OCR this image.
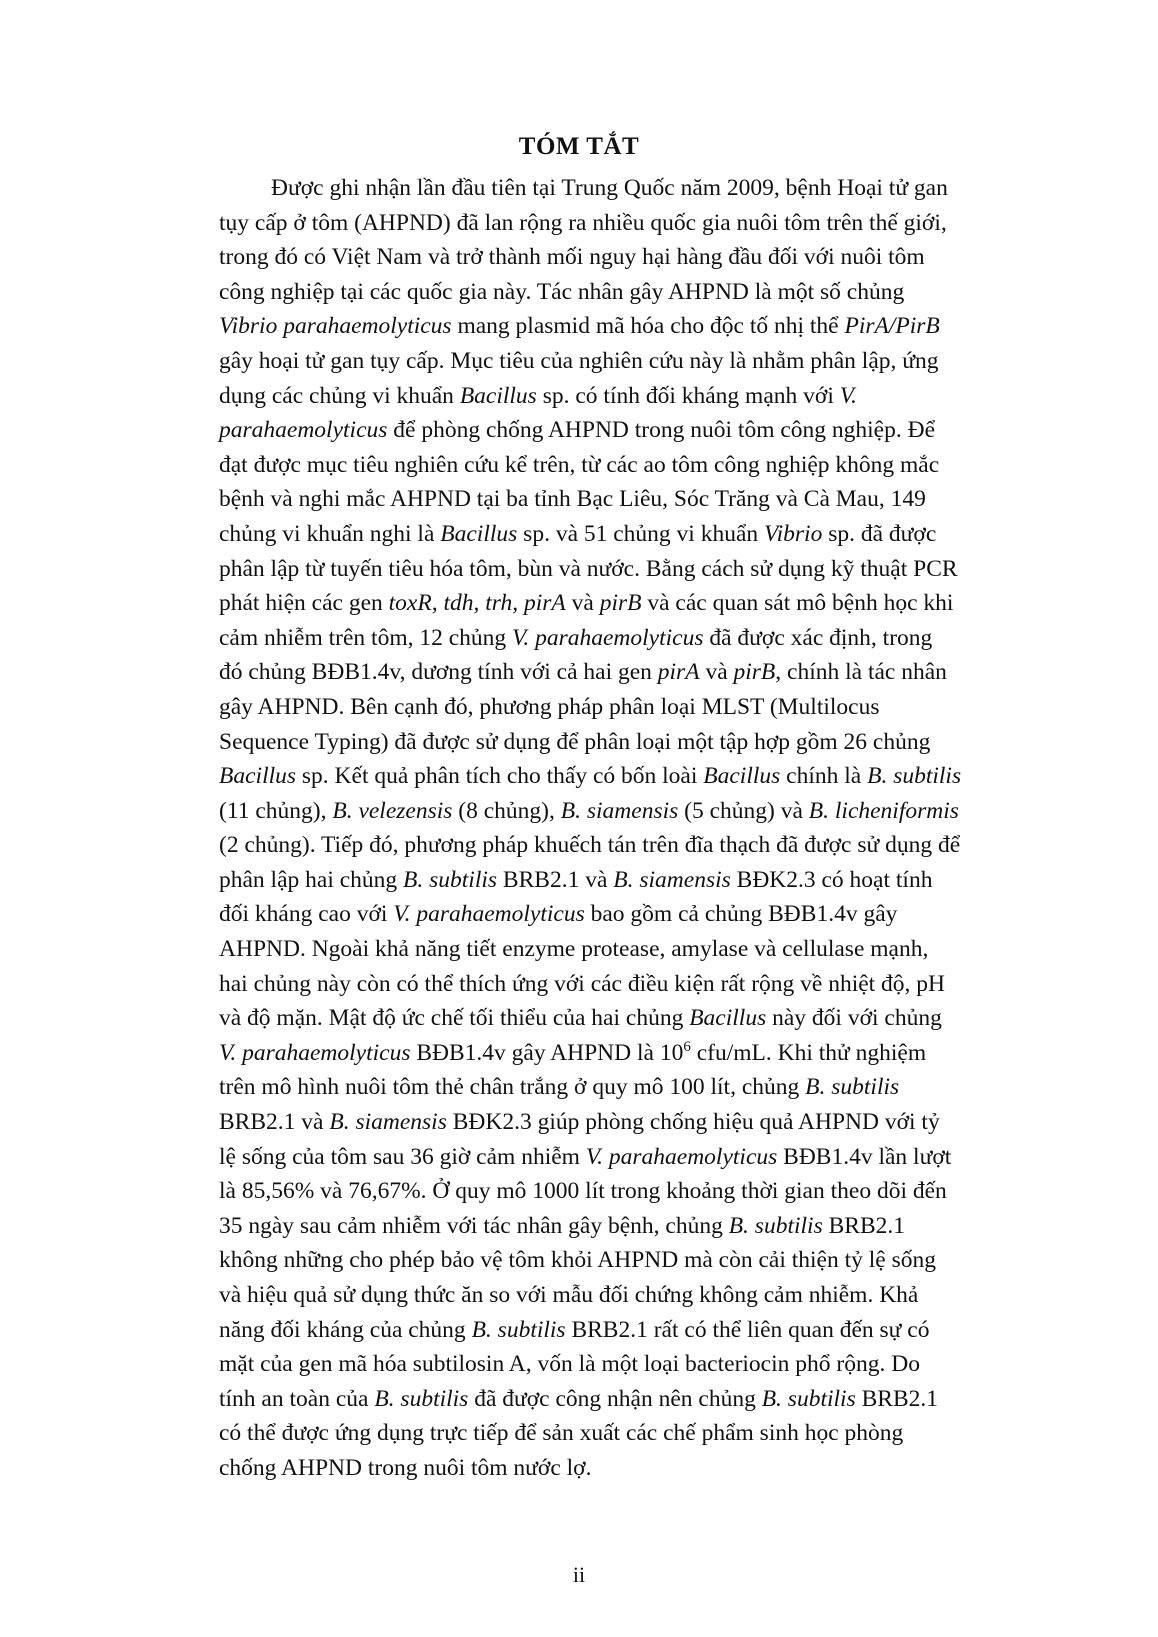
TÓM TẮT
Được ghi nhận lần đầu tiên tại Trung Quốc năm 2009, bệnh Hoại tử gan
tụy cấp ở tôm (AHPND) đã lan rộng ra nhiều quốc gia nuôi tôm trên thế giới,
trong đó có Việt Nam và trở thành mối nguy hại hàng đầu đối với nuôi tôm
công nghiệp tại các quốc gia này. Tác nhân gây AHPND là một số chủng
Vibrio parahaemolyticus mang plasmid mã hóa cho độc tố nhị thể PirA/PirB
gây hoại tử gan tụy cấp. Mục tiêu của nghiên cứu này là nhằm phân lập, ứng
dụng các chủng vi khuẩn Bacillus sp. có tính đối kháng mạnh với V.
parahaemolyticus để phòng chống AHPND trong nuôi tôm công nghiệp. Để
đạt được mục tiêu nghiên cứu kể trên, từ các ao tôm công nghiệp không mắc
bệnh và nghi mắc AHPND tại ba tỉnh Bạc Liêu, Sóc Trăng và Cà Mau, 149
chủng vi khuẩn nghi là Bacillus sp. và 51 chủng vi khuẩn Vibrio sp. đã được
phân lập từ tuyến tiêu hóa tôm, bùn và nước. Bằng cách sử dụng kỹ thuật PCR
phát hiện các gen toxR, tdh, trh, pirA và pirB và các quan sát mô bệnh học khi
cảm nhiễm trên tôm, 12 chủng V. parahaemolyticus đã được xác định, trong
đó chủng BĐB1.4v, dương tính với cả hai gen pirA và pirB, chính là tác nhân
gây AHPND. Bên cạnh đó, phương pháp phân loại MLST (Multilocus
Sequence Typing) đã được sử dụng để phân loại một tập hợp gồm 26 chủng
Bacillus sp. Kết quả phân tích cho thấy có bốn loài Bacillus chính là B. subtilis
(11 chủng), B. velezensis (8 chủng), B. siamensis (5 chủng) và B. licheniformis
(2 chủng). Tiếp đó, phương pháp khuếch tán trên đĩa thạch đã được sử dụng để
phân lập hai chủng B. subtilis BRB2.1 và B. siamensis BĐK2.3 có hoạt tính
đối kháng cao với V. parahaemolyticus bao gồm cả chủng BĐB1.4v gây
AHPND. Ngoài khả năng tiết enzyme protease, amylase và cellulase mạnh,
hai chủng này còn có thể thích ứng với các điều kiện rất rộng về nhiệt độ, pH
và độ mặn. Mật độ ức chế tối thiểu của hai chủng Bacillus này đối với chủng
V. parahaemolyticus BĐB1.4v gây AHPND là $10^6$ cfu/mL. Khi thử nghiệm
trên mô hình nuôi tôm thẻ chân trắng ở quy mô 100 lít, chủng B. subtilis
BRB2.1 và B. siamensis BĐK2.3 giúp phòng chống hiệu quả AHPND với tỷ
lệ sống của tôm sau 36 giờ cảm nhiễm V. parahaemolyticus BĐB1.4v lần lượt
là 85,56% và 76,67%. Ở quy mô 1000 lít trong khoảng thời gian theo dõi đến
35 ngày sau cảm nhiễm với tác nhân gây bệnh, chủng B. subtilis BRB2.1
không những cho phép bảo vệ tôm khỏi AHPND mà còn cải thiện tỷ lệ sống
và hiệu quả sử dụng thức ăn so với mẫu đối chứng không cảm nhiễm. Khả
năng đối kháng của chủng B. subtilis BRB2.1 rất có thể liên quan đến sự có
mặt của gen mã hóa subtilosin A, vốn là một loại bacteriocin phổ rộng. Do
tính an toàn của B. subtilis đã được công nhận nên chủng B. subtilis BRB2.1
có thể được ứng dụng trực tiếp để sản xuất các chế phẩm sinh học phòng
chống AHPND trong nuôi tôm nước lợ.
ii
